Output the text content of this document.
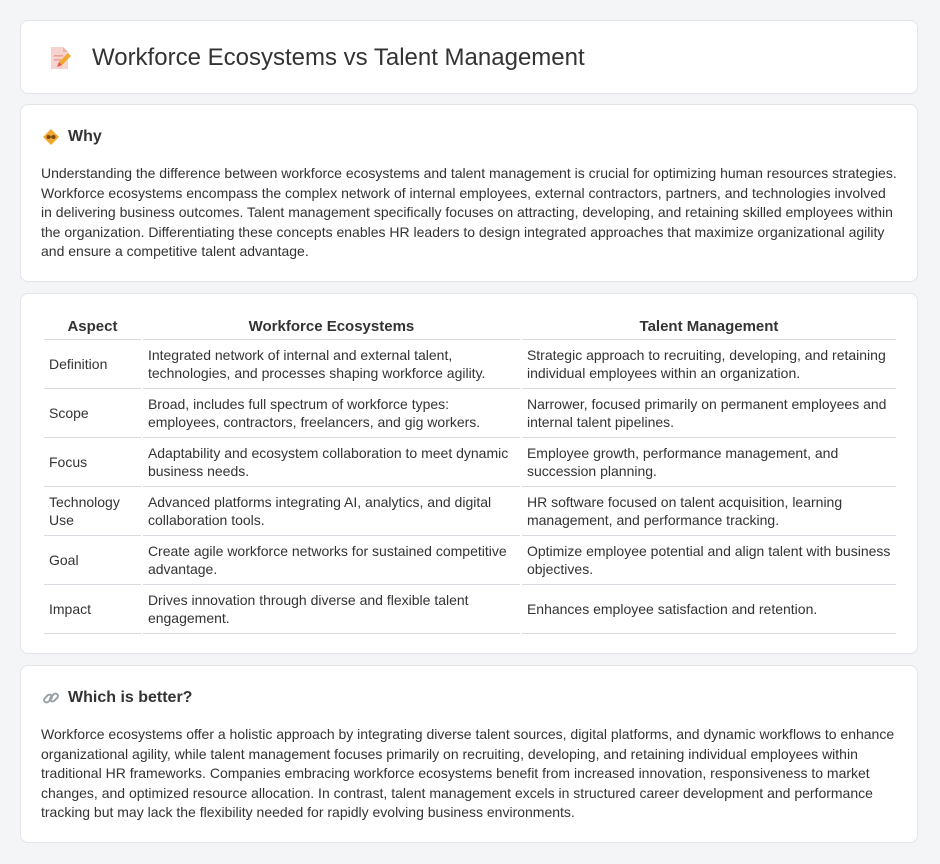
Workforce Ecosystems vs Talent Management
Why

Understanding the difference between workforce ecosystems and talent management is crucial for optimizing human resources strategies. Workforce ecosystems encompass the complex network of internal employees, external contractors, partners, and technologies involved in delivering business outcomes. Talent management specifically focuses on attracting, developing, and retaining skilled employees within the organization. Differentiating these concepts enables HR leaders to design integrated approaches that maximize organizational agility and ensure a competitive talent advantage.

Aspect	Workforce Ecosystems	Talent Management
Definition	Integrated network of internal and external talent, technologies, and processes shaping workforce agility.	Strategic approach to recruiting, developing, and retaining individual employees within an organization.
Scope	Broad, includes full spectrum of workforce types: employees, contractors, freelancers, and gig workers.	Narrower, focused primarily on permanent employees and internal talent pipelines.
Focus	Adaptability and ecosystem collaboration to meet dynamic business needs.	Employee growth, performance management, and succession planning.
Technology Use	Advanced platforms integrating AI, analytics, and digital collaboration tools.	HR software focused on talent acquisition, learning management, and performance tracking.
Goal	Create agile workforce networks for sustained competitive advantage.	Optimize employee potential and align talent with business objectives.
Impact	Drives innovation through diverse and flexible talent engagement.	Enhances employee satisfaction and retention.
Which is better?

Workforce ecosystems offer a holistic approach by integrating diverse talent sources, digital platforms, and dynamic workflows to enhance organizational agility, while talent management focuses primarily on recruiting, developing, and retaining individual employees within traditional HR frameworks. Companies embracing workforce ecosystems benefit from increased innovation, responsiveness to market changes, and optimized resource allocation. In contrast, talent management excels in structured career development and performance tracking but may lack the flexibility needed for rapidly evolving business environments.
